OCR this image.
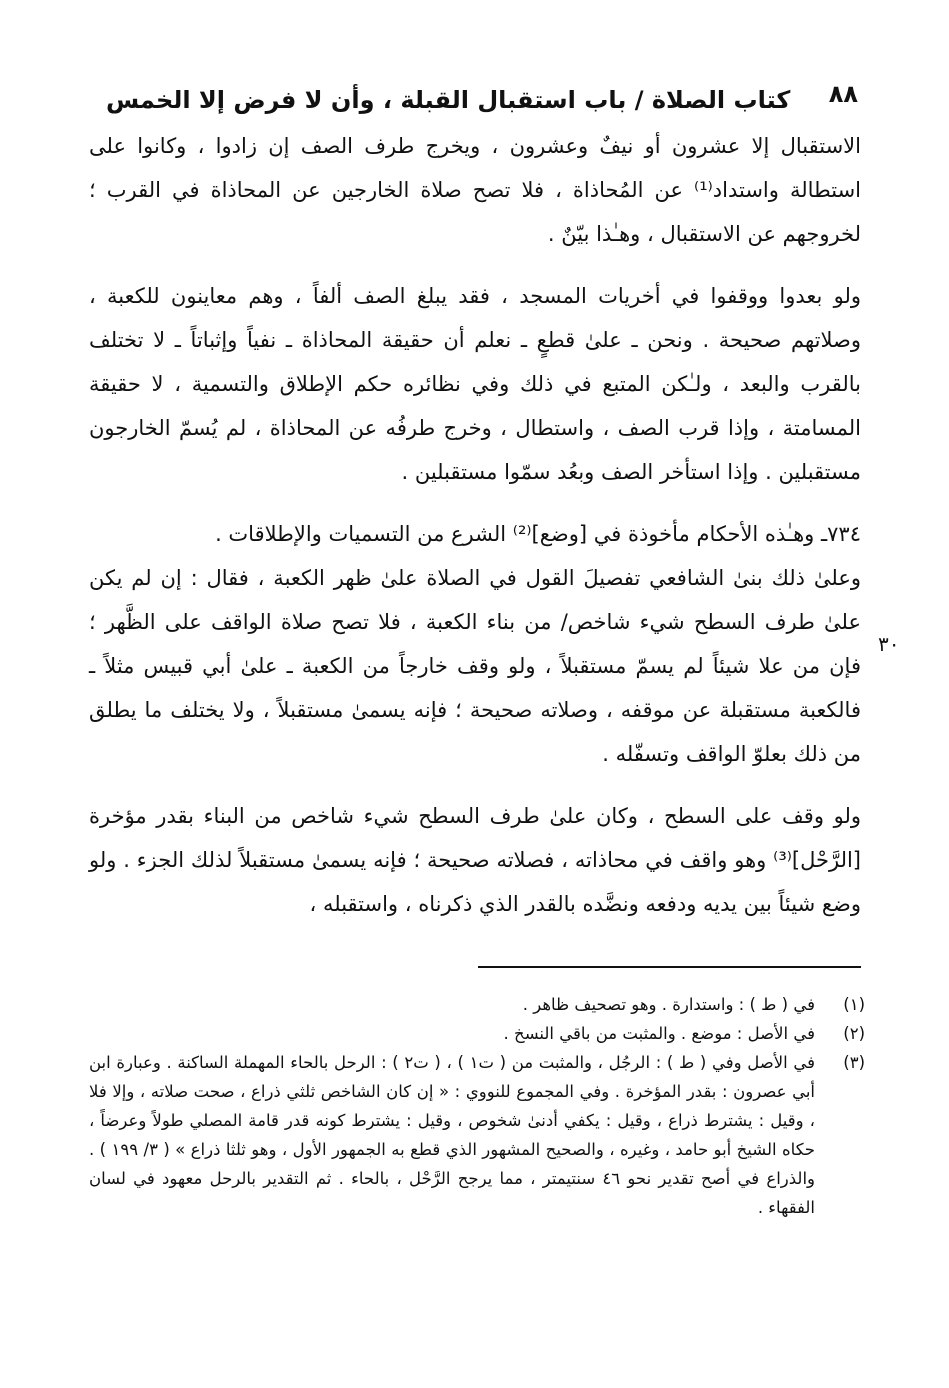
٨٨
كتاب الصلاة / باب استقبال القبلة ، وأن لا فرض إلا الخمس

الاستقبال إلا عشرون أو نيفٌ وعشرون ، ويخرج طرف الصف إن زادوا ، وكانوا على استطالة واستداد⁽¹⁾ عن المُحاذاة ، فلا تصح صلاة الخارجين عن المحاذاة في القرب ؛ لخروجهم عن الاستقبال ، وهـٰذا بيّنٌ .

ولو بعدوا ووقفوا في أخريات المسجد ، فقد يبلغ الصف ألفاً ، وهم معاينون للكعبة ، وصلاتهم صحيحة . ونحن ـ علىٰ قطعٍ ـ نعلم أن حقيقة المحاذاة ـ نفياً وإثباتاً ـ لا تختلف بالقرب والبعد ، ولـٰكن المتبع في ذلك وفي نظائره حكم الإطلاق والتسمية ، لا حقيقة المسامتة ، وإذا قرب الصف ، واستطال ، وخرج طرفُه عن المحاذاة ، لم يُسمّ الخارجون مستقبلين . وإذا استأخر الصف وبعُد سمّوا مستقبلين .

٧٣٤ـ وهـٰذه الأحكام مأخوذة في [وضع]⁽²⁾ الشرع من التسميات والإطلاقات .

وعلىٰ ذلك بنىٰ الشافعي تفصيلَ القول في الصلاة علىٰ ظهر الكعبة ، فقال : إن لم يكن علىٰ طرف السطح شيء شاخص/ من بناء الكعبة ، فلا تصح صلاة الواقف على الظَّهر ؛ فإن من علا شيئاً لم يسمّ مستقبلاً ، ولو وقف خارجاً من الكعبة ـ علىٰ أبي قبيس مثلاً ـ فالكعبة مستقبلة عن موقفه ، وصلاته صحيحة ؛ فإنه يسمىٰ مستقبلاً ، ولا يختلف ما يطلق من ذلك بعلوّ الواقف وتسفّله .

ولو وقف على السطح ، وكان علىٰ طرف السطح شيء شاخص من البناء بقدر مؤخرة [الرَّحْل]⁽³⁾ وهو واقف في محاذاته ، فصلاته صحيحة ؛ فإنه يسمىٰ مستقبلاً لذلك الجزء . ولو وضع شيئاً بين يديه ودفعه ونضَّده بالقدر الذي ذكرناه ، واستقبله ،

٣٠
(١)
في ( ط ) : واستدارة . وهو تصحيف ظاهر .
(٢)
في الأصل : موضع . والمثبت من باقي النسخ .
(٣)
في الأصل وفي ( ط ) : الرجُل ، والمثبت من ( ت١ ) ، ( ت٢ ) : الرحل بالحاء المهملة الساكنة . وعبارة ابن أبي عصرون : بقدر المؤخرة . وفي المجموع للنووي : « إن كان الشاخص ثلثي ذراع ، صحت صلاته ، وإلا فلا ، وقيل : يشترط ذراع ، وقيل : يكفي أدنىٰ شخوص ، وقيل : يشترط كونه قدر قامة المصلي طولاً وعرضاً ، حكاه الشيخ أبو حامد ، وغيره ، والصحيح المشهور الذي قطع به الجمهور الأول ، وهو ثلثا ذراع » ( ٣/ ١٩٩ ) . والذراع في أصح تقدير نحو ٤٦ سنتيمتر ، مما يرجح الرَّحْل ، بالحاء . ثم التقدير بالرحل معهود في لسان الفقهاء .
